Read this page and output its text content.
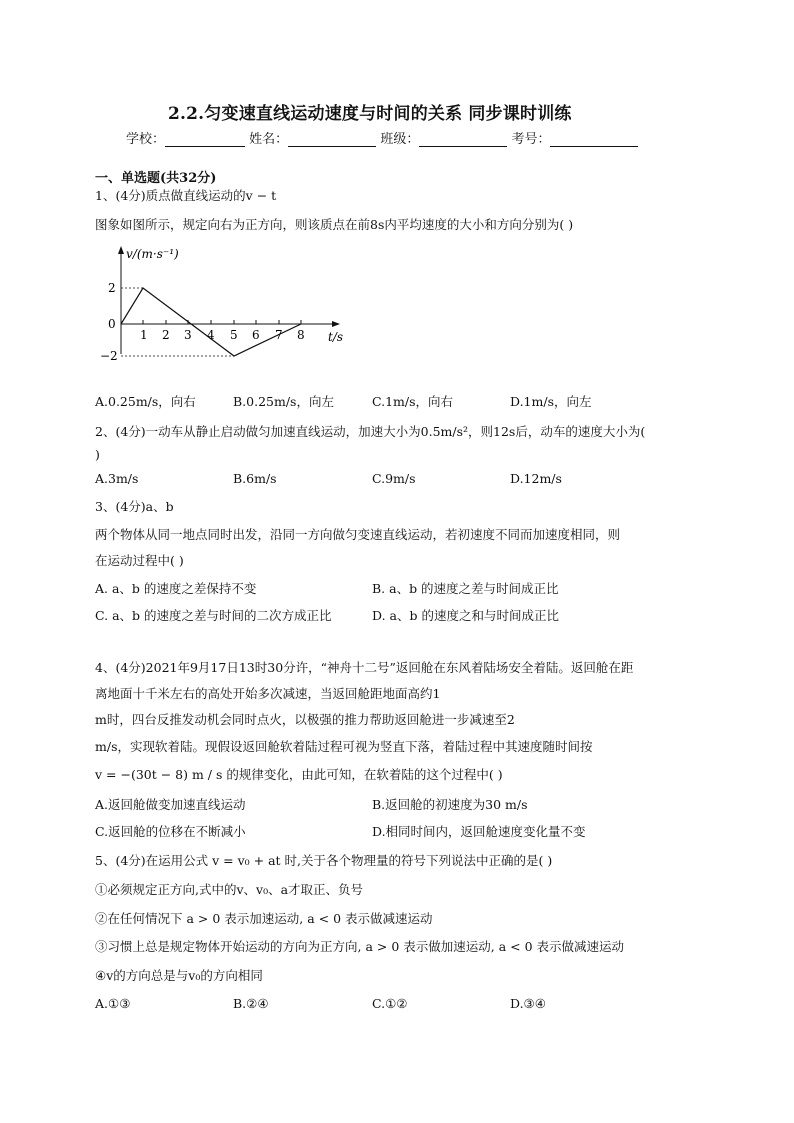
2.2.匀变速直线运动速度与时间的关系 同步课时训练
学校：	姓名：	班级：	考号：
一、单选题(共32分)
1、(4分)质点做直线运动的v − t
图象如图所示，规定向右为正方向，则该质点在前8s内平均速度的大小和方向分别为( )
v/(m·s⁻¹)
2
0
−2
1 2 3 4 5 6 7 8 t/s
A.0.25m/s，向右	B.0.25m/s，向左	C.1m/s，向右	D.1m/s，向左
2、(4分)一动车从静止启动做匀加速直线运动，加速大小为0.5m/s²，则12s后，动车的速度大小为(
)
A.3m/s	B.6m/s	C.9m/s	D.12m/s
3、(4分)a、b
两个物体从同一地点同时出发，沿同一方向做匀变速直线运动，若初速度不同而加速度相同，则
在运动过程中( )
A. a、b 的速度之差保持不变	B. a、b 的速度之差与时间成正比
C. a、b 的速度之差与时间的二次方成正比	D. a、b 的速度之和与时间成正比
4、(4分)2021年9月17日13时30分许，“神舟十二号”返回舱在东风着陆场安全着陆。返回舱在距
离地面十千米左右的高处开始多次减速，当返回舱距地面高约1
m时，四台反推发动机会同时点火，以极强的推力帮助返回舱进一步减速至2
m/s，实现软着陆。现假设返回舱软着陆过程可视为竖直下落，着陆过程中其速度随时间按
v = −(30t − 8) m / s 的规律变化，由此可知，在软着陆的这个过程中( )
A.返回舱做变加速直线运动	B.返回舱的初速度为30 m/s
C.返回舱的位移在不断减小	D.相同时间内，返回舱速度变化量不变
5、(4分)在运用公式 v = v₀ + at 时,关于各个物理量的符号下列说法中正确的是( )
①必须规定正方向,式中的v、v₀、a才取正、负号
②在任何情况下 a > 0 表示加速运动, a < 0 表示做减速运动
③习惯上总是规定物体开始运动的方向为正方向, a > 0 表示做加速运动, a < 0 表示做减速运动
④v的方向总是与v₀的方向相同
A.①③	B.②④	C.①②	D.③④
